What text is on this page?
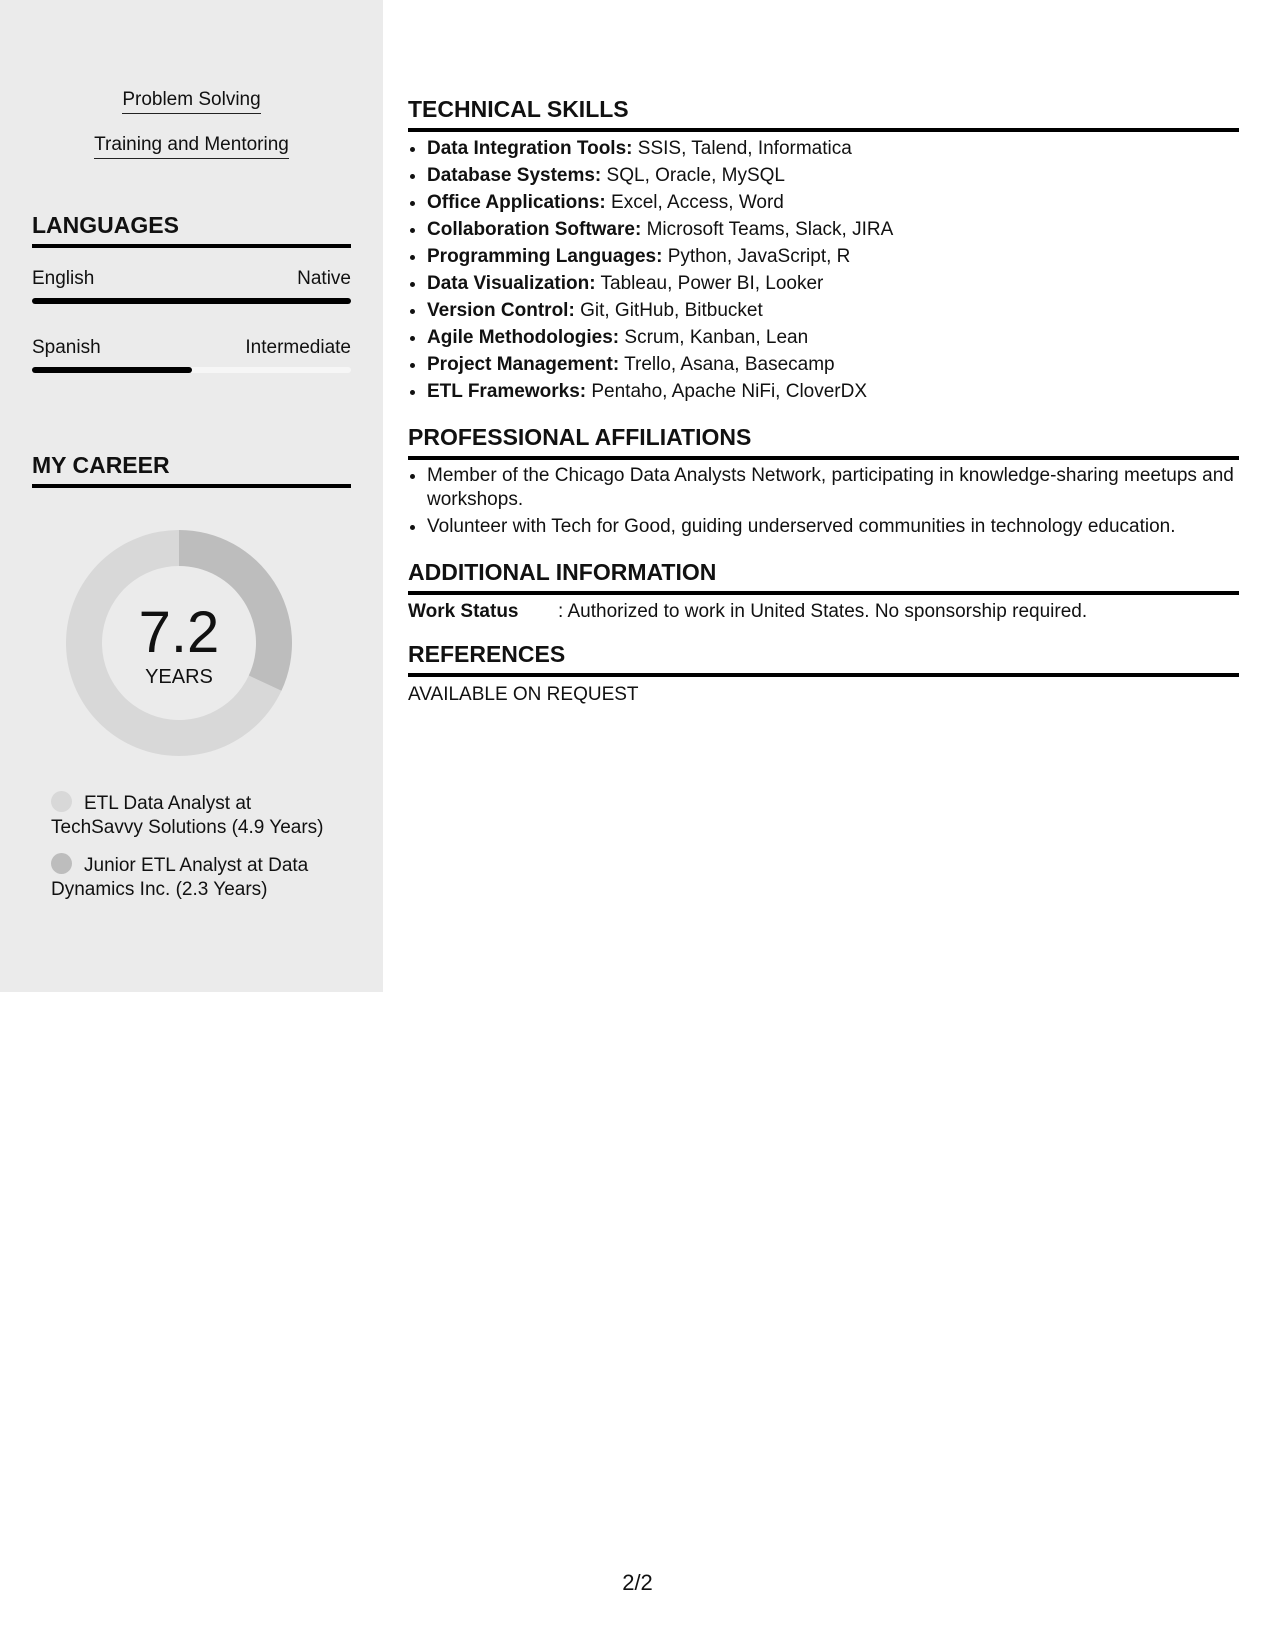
Problem Solving
Training and Mentoring
LANGUAGES
English	Native
Spanish	Intermediate
MY CAREER
7.2
YEARS
ETL Data Analyst at TechSavvy Solutions (4.9 Years)
Junior ETL Analyst at Data Dynamics Inc. (2.3 Years)
TECHNICAL SKILLS
• Data Integration Tools: SSIS, Talend, Informatica
• Database Systems: SQL, Oracle, MySQL
• Office Applications: Excel, Access, Word
• Collaboration Software: Microsoft Teams, Slack, JIRA
• Programming Languages: Python, JavaScript, R
• Data Visualization: Tableau, Power BI, Looker
• Version Control: Git, GitHub, Bitbucket
• Agile Methodologies: Scrum, Kanban, Lean
• Project Management: Trello, Asana, Basecamp
• ETL Frameworks: Pentaho, Apache NiFi, CloverDX
PROFESSIONAL AFFILIATIONS
• Member of the Chicago Data Analysts Network, participating in knowledge-sharing meetups and workshops.
• Volunteer with Tech for Good, guiding underserved communities in technology education.
ADDITIONAL INFORMATION
Work Status : Authorized to work in United States. No sponsorship required.
REFERENCES
AVAILABLE ON REQUEST
2/2
